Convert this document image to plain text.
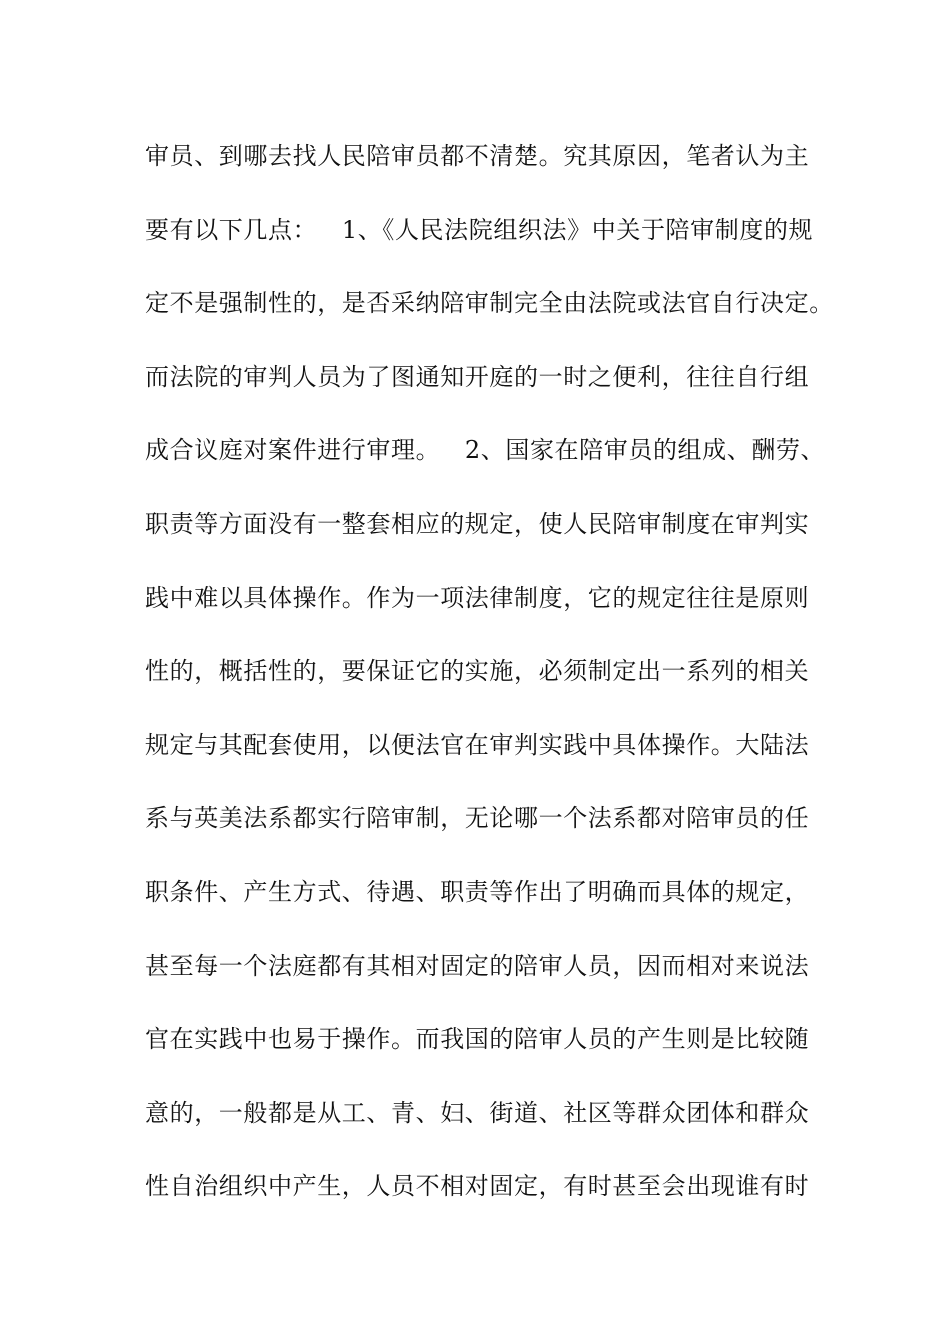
审员、到哪去找人民陪审员都不清楚。究其原因，笔者认为主
要有以下几点：   1、《人民法院组织法》中关于陪审制度的规
定不是强制性的，是否采纳陪审制完全由法院或法官自行决定。
而法院的审判人员为了图通知开庭的一时之便利，往往自行组
成合议庭对案件进行审理。   2、国家在陪审员的组成、酬劳、
职责等方面没有一整套相应的规定，使人民陪审制度在审判实
践中难以具体操作。作为一项法律制度，它的规定往往是原则
性的，概括性的，要保证它的实施，必须制定出一系列的相关
规定与其配套使用，以便法官在审判实践中具体操作。大陆法
系与英美法系都实行陪审制，无论哪一个法系都对陪审员的任
职条件、产生方式、待遇、职责等作出了明确而具体的规定，
甚至每一个法庭都有其相对固定的陪审人员，因而相对来说法
官在实践中也易于操作。而我国的陪审人员的产生则是比较随
意的，一般都是从工、青、妇、街道、社区等群众团体和群众
性自治组织中产生，人员不相对固定，有时甚至会出现谁有时
